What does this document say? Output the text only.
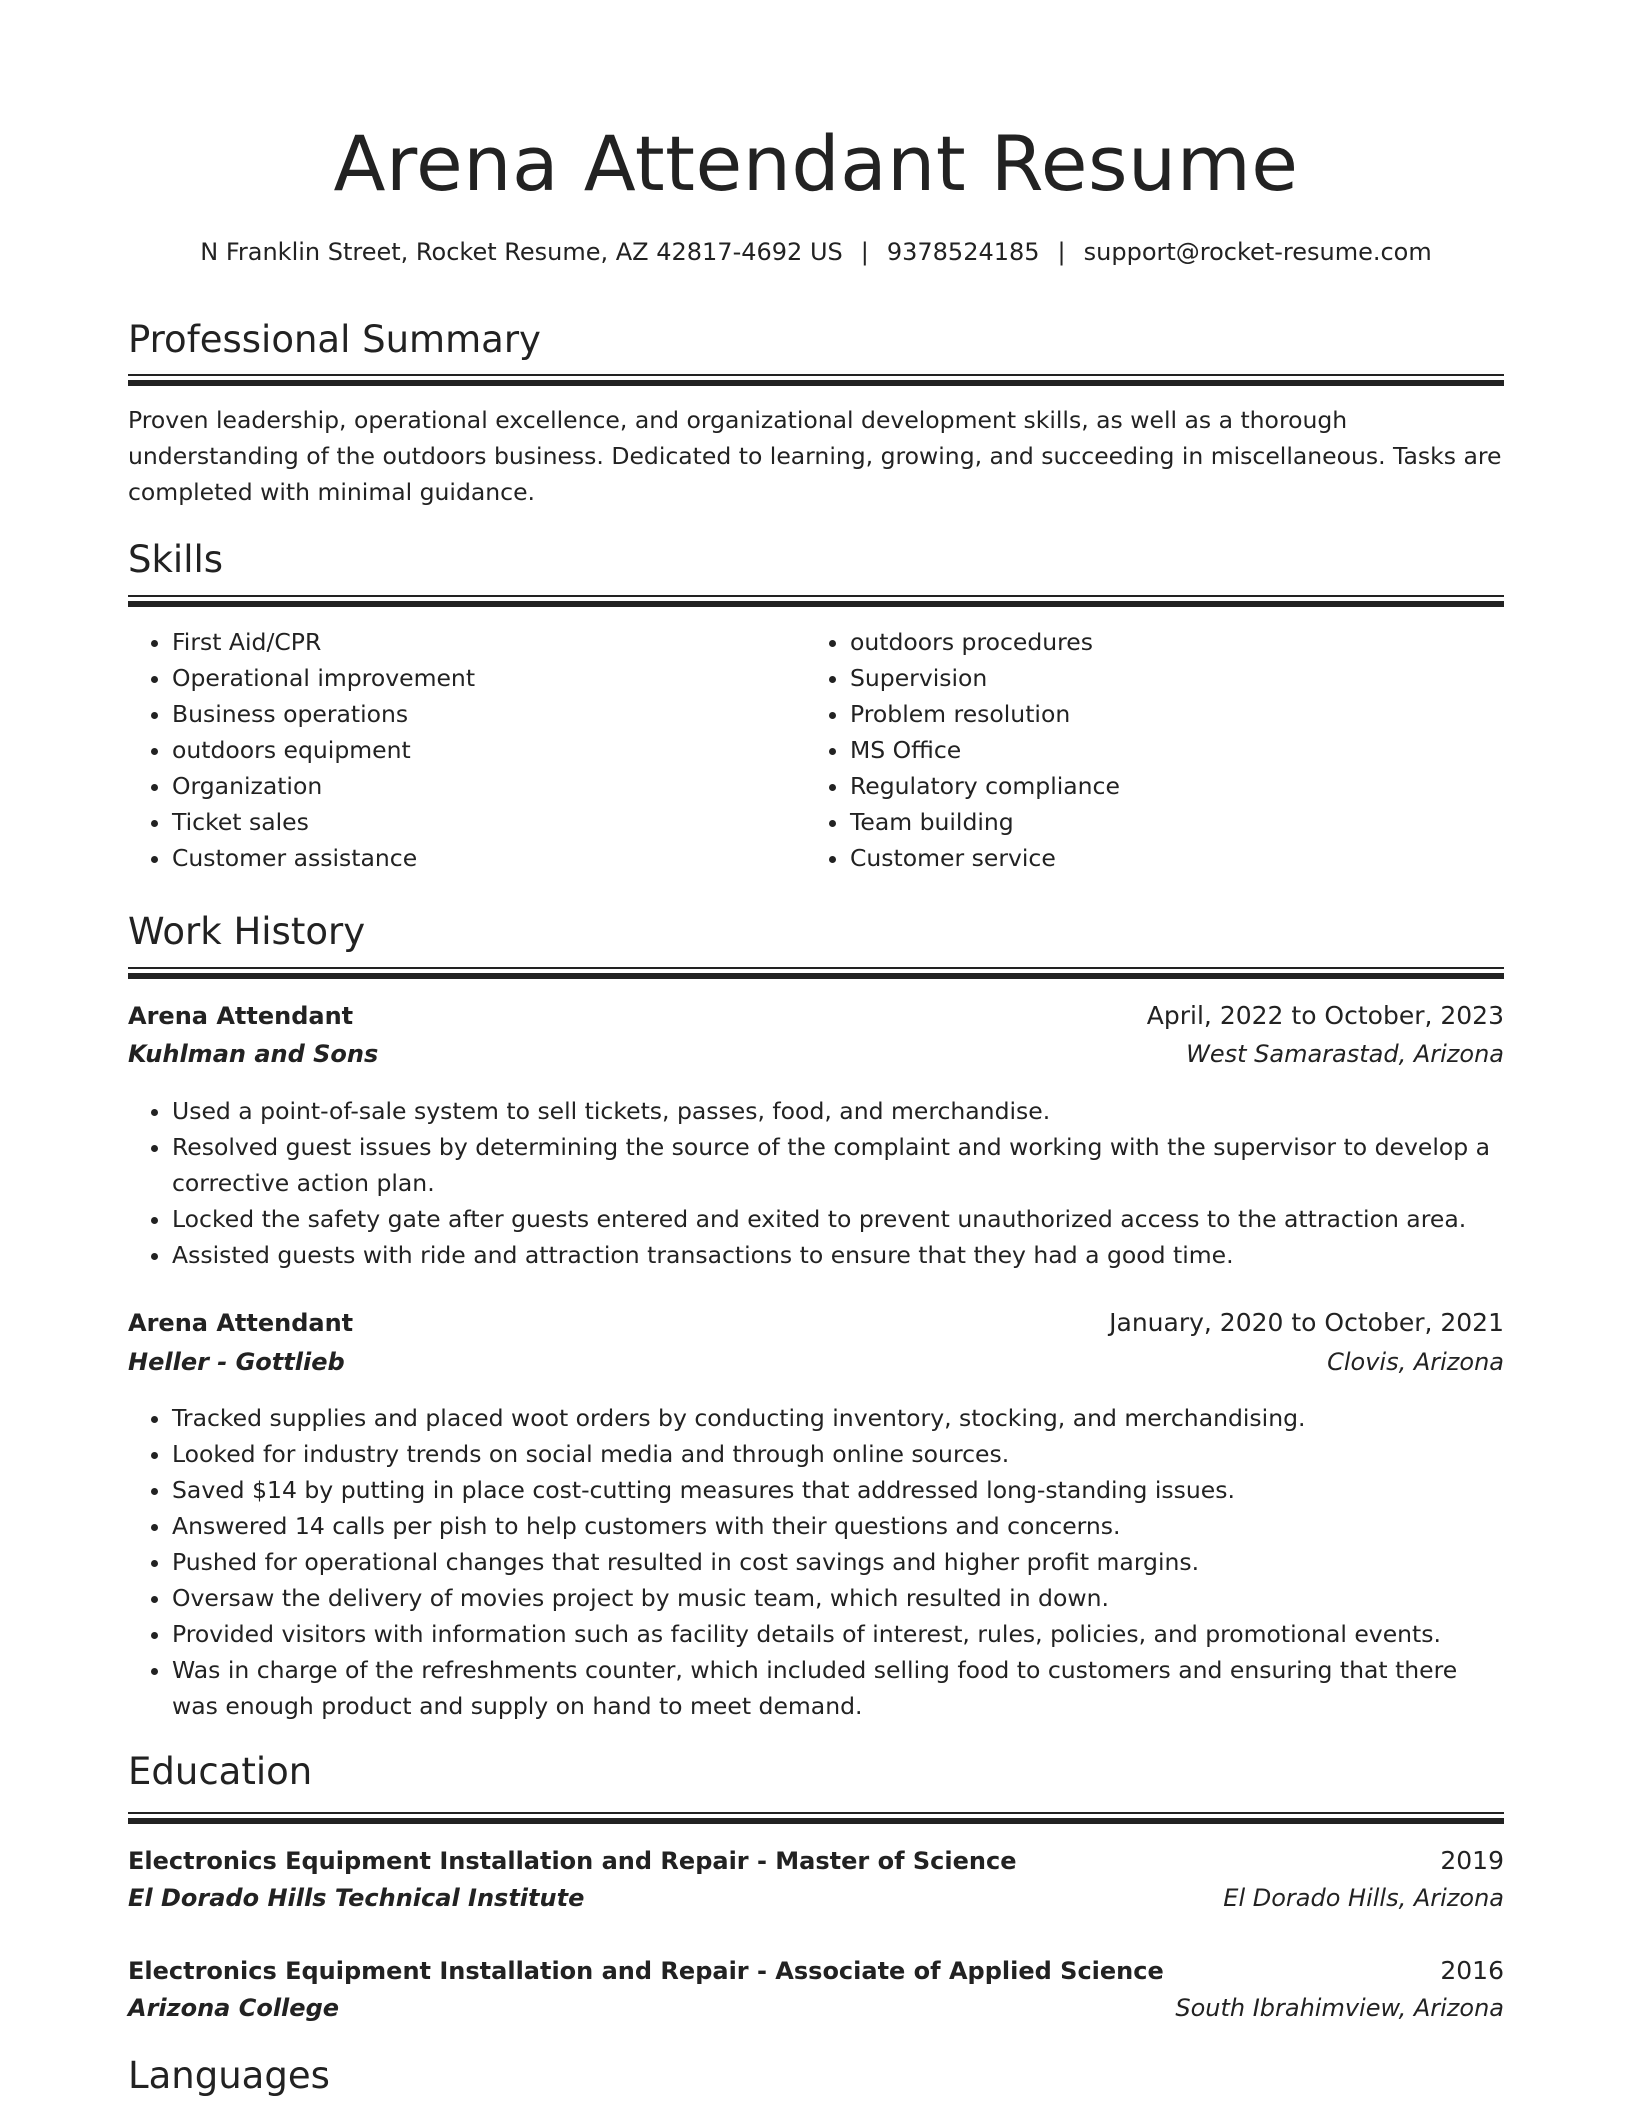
Arena Attendant Resume
N Franklin Street, Rocket Resume, AZ 42817-4692 US | 9378524185 | support@rocket-resume.com
Professional Summary
Proven leadership, operational excellence, and organizational development skills, as well as a thorough understanding of the outdoors business. Dedicated to learning, growing, and succeeding in miscellaneous. Tasks are completed with minimal guidance.
Skills
• First Aid/CPR
• Operational improvement
• Business operations
• outdoors equipment
• Organization
• Ticket sales
• Customer assistance
• outdoors procedures
• Supervision
• Problem resolution
• MS Office
• Regulatory compliance
• Team building
• Customer service
Work History
Arena Attendant	April, 2022 to October, 2023
Kuhlman and Sons	West Samarastad, Arizona
• Used a point-of-sale system to sell tickets, passes, food, and merchandise.
• Resolved guest issues by determining the source of the complaint and working with the supervisor to develop a corrective action plan.
• Locked the safety gate after guests entered and exited to prevent unauthorized access to the attraction area.
• Assisted guests with ride and attraction transactions to ensure that they had a good time.
Arena Attendant	January, 2020 to October, 2021
Heller - Gottlieb	Clovis, Arizona
• Tracked supplies and placed woot orders by conducting inventory, stocking, and merchandising.
• Looked for industry trends on social media and through online sources.
• Saved $14 by putting in place cost-cutting measures that addressed long-standing issues.
• Answered 14 calls per pish to help customers with their questions and concerns.
• Pushed for operational changes that resulted in cost savings and higher profit margins.
• Oversaw the delivery of movies project by music team, which resulted in down.
• Provided visitors with information such as facility details of interest, rules, policies, and promotional events.
• Was in charge of the refreshments counter, which included selling food to customers and ensuring that there was enough product and supply on hand to meet demand.
Education
Electronics Equipment Installation and Repair - Master of Science	2019
El Dorado Hills Technical Institute	El Dorado Hills, Arizona
Electronics Equipment Installation and Repair - Associate of Applied Science	2016
Arizona College	South Ibrahimview, Arizona
Languages
